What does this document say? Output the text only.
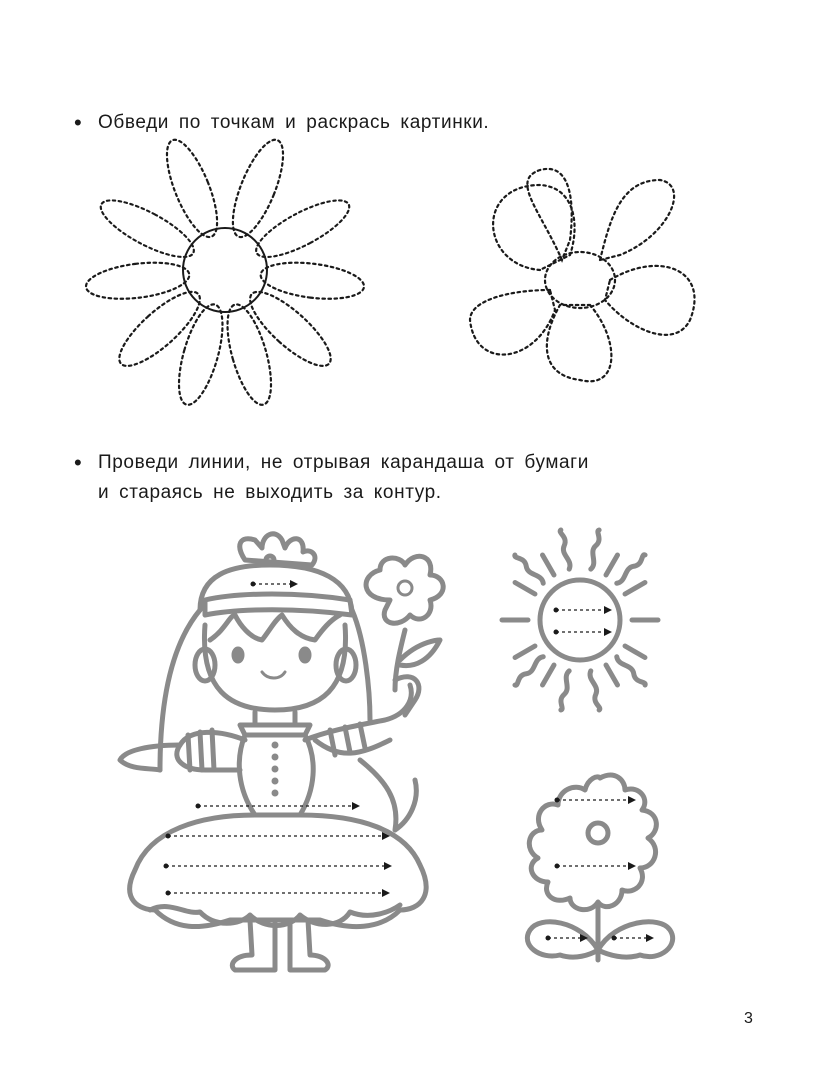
• Обведи по точкам и раскрась картинки.
• Проведи линии, не отрывая карандаша от бумаги
и стараясь не выходить за контур.
3
